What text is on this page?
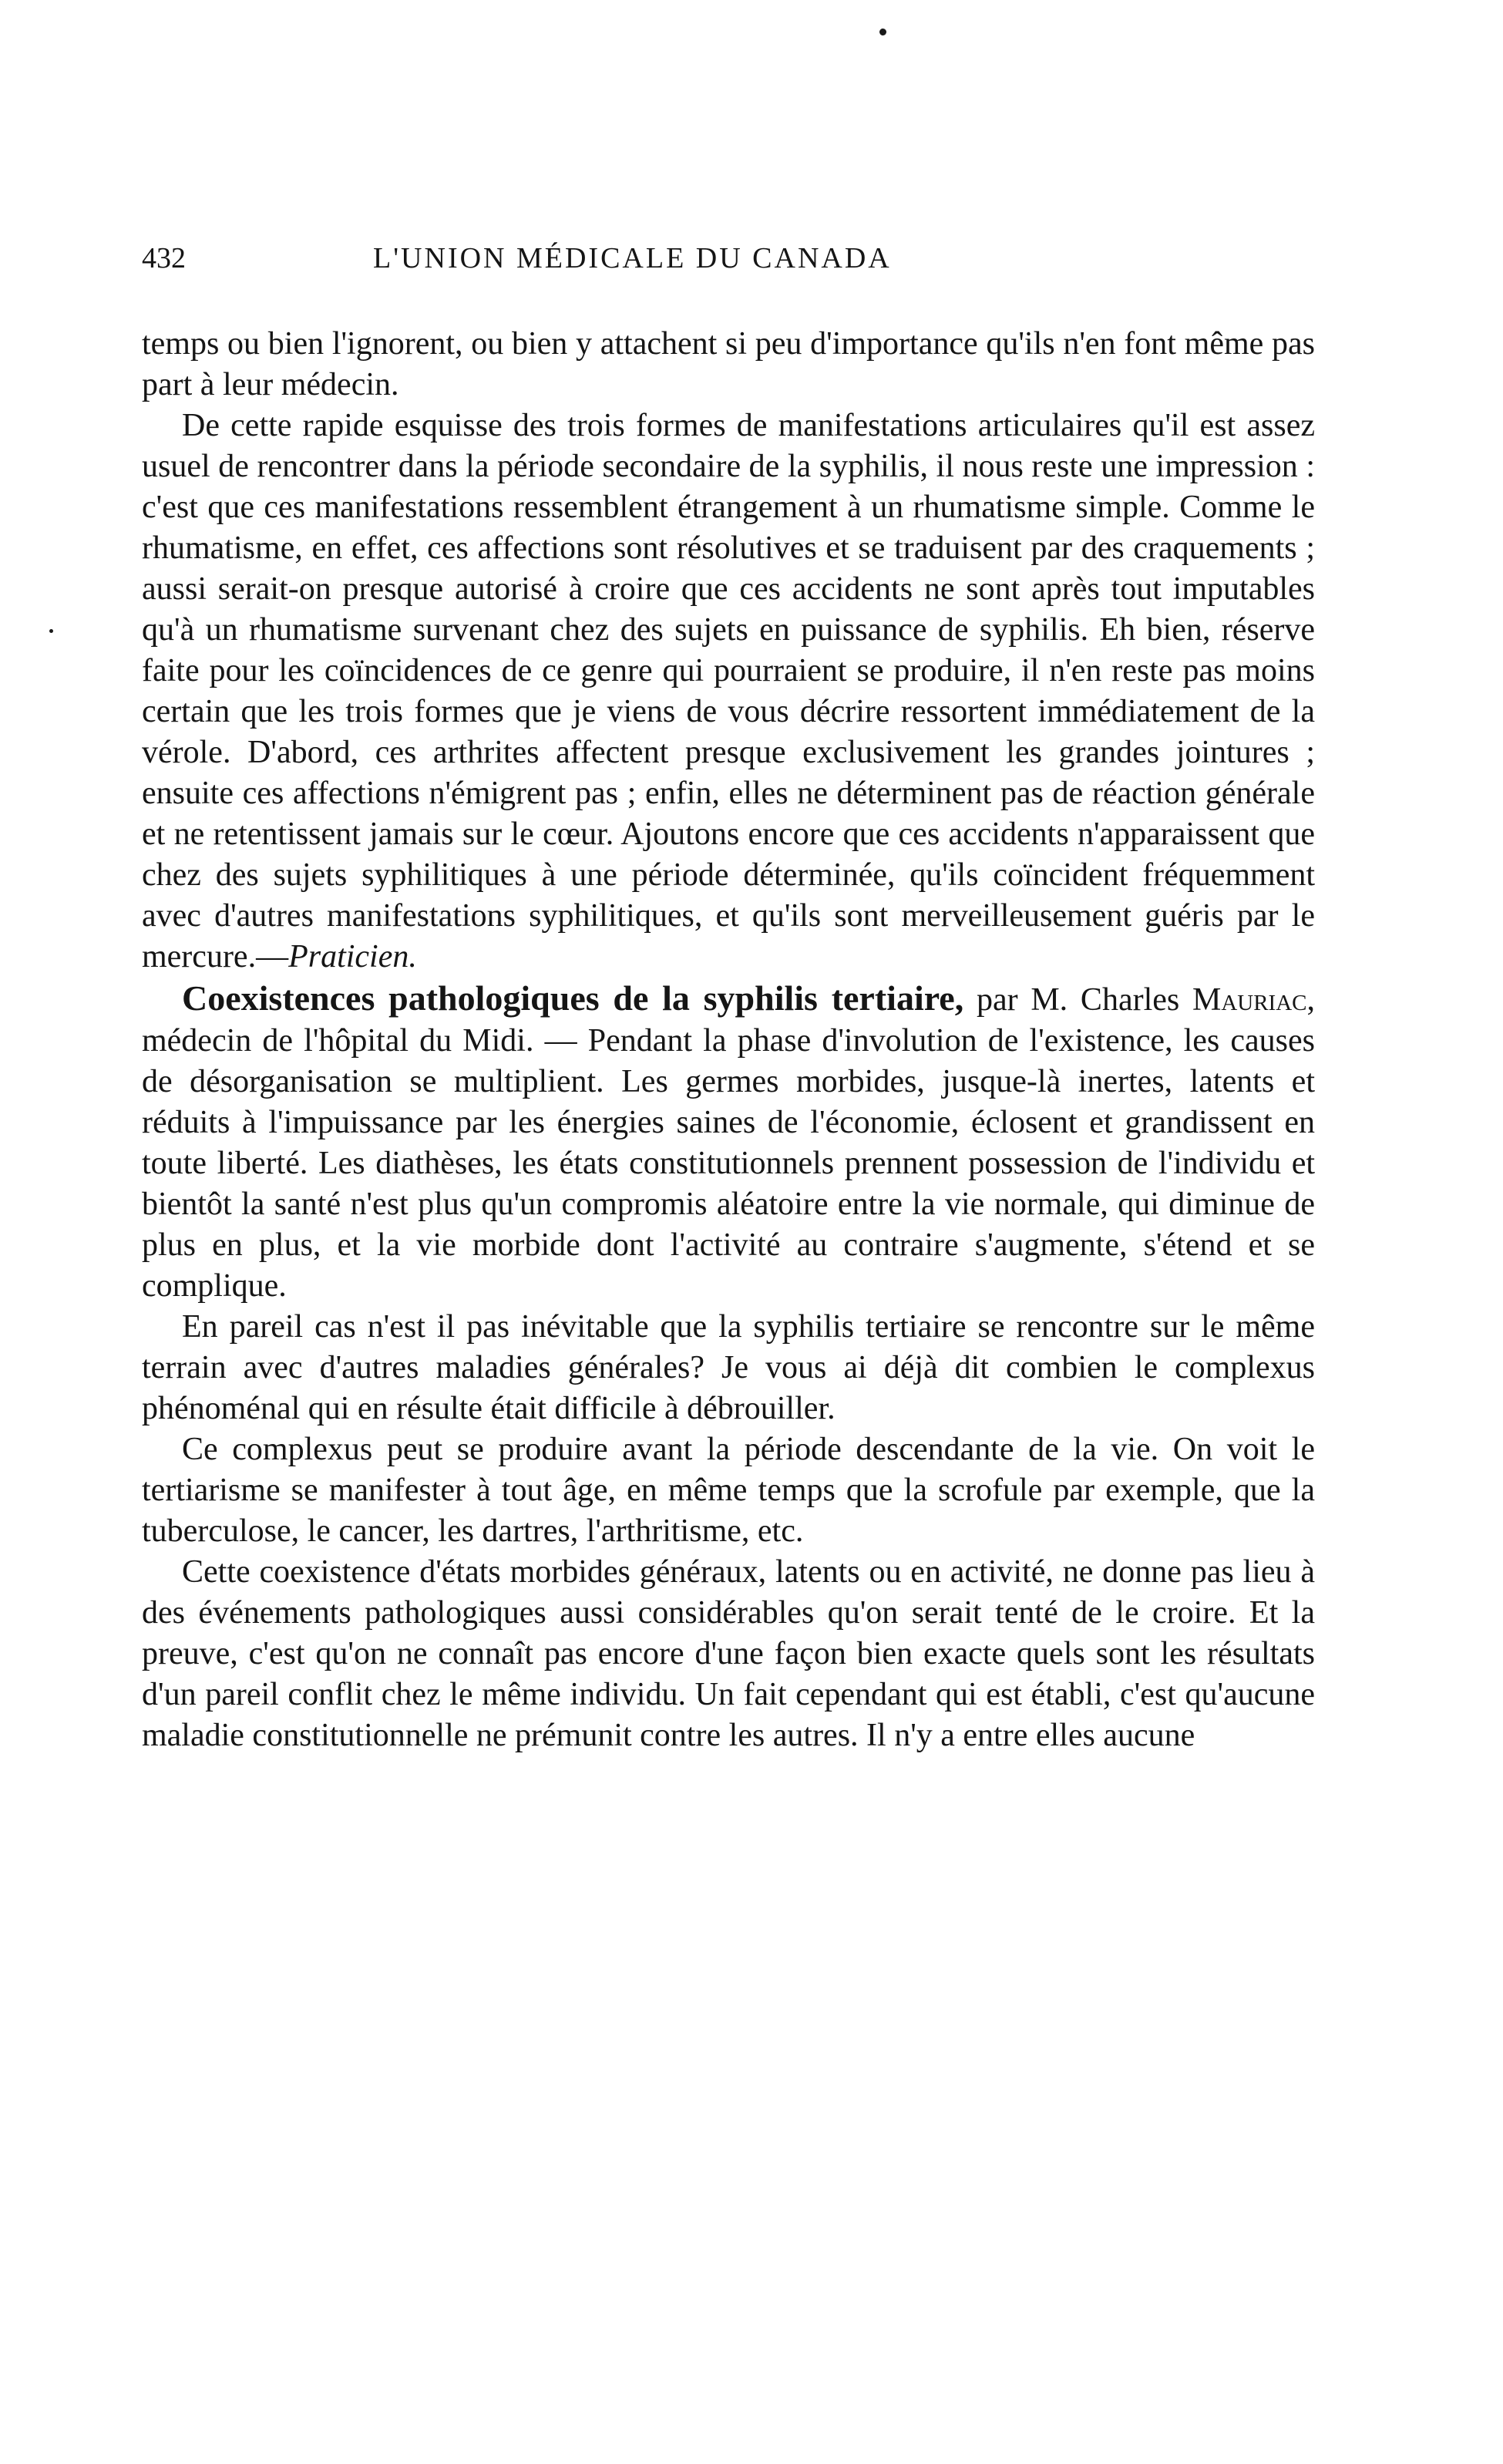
432	L'UNION MÉDICALE DU CANADA

temps ou bien l'ignorent, ou bien y attachent si peu d'importance qu'ils n'en font même pas part à leur médecin.

De cette rapide esquisse des trois formes de manifestations articulaires qu'il est assez usuel de rencontrer dans la période secondaire de la syphilis, il nous reste une impression : c'est que ces manifestations ressemblent étrangement à un rhumatisme simple. Comme le rhumatisme, en effet, ces affections sont résolutives et se traduisent par des craquements ; aussi serait-on presque autorisé à croire que ces accidents ne sont après tout imputables qu'à un rhumatisme survenant chez des sujets en puissance de syphilis. Eh bien, réserve faite pour les coïncidences de ce genre qui pourraient se produire, il n'en reste pas moins certain que les trois formes que je viens de vous décrire ressortent immédiatement de la vérole. D'abord, ces arthrites affectent presque exclusivement les grandes jointures ; ensuite ces affections n'émigrent pas ; enfin, elles ne déterminent pas de réaction générale et ne retentissent jamais sur le cœur. Ajoutons encore que ces accidents n'apparaissent que chez des sujets syphilitiques à une période déterminée, qu'ils coïncident fréquemment avec d'autres manifestations syphilitiques, et qu'ils sont merveilleusement guéris par le mercure.—Praticien.

Coexistences pathologiques de la syphilis tertiaire, par M. Charles Mauriac, médecin de l'hôpital du Midi. — Pendant la phase d'involution de l'existence, les causes de désorganisation se multiplient. Les germes morbides, jusque-là inertes, latents et réduits à l'impuissance par les énergies saines de l'économie, éclosent et grandissent en toute liberté. Les diathèses, les états constitutionnels prennent possession de l'individu et bientôt la santé n'est plus qu'un compromis aléatoire entre la vie normale, qui diminue de plus en plus, et la vie morbide dont l'activité au contraire s'augmente, s'étend et se complique.

En pareil cas n'est il pas inévitable que la syphilis tertiaire se rencontre sur le même terrain avec d'autres maladies générales? Je vous ai déjà dit combien le complexus phénoménal qui en résulte était difficile à débrouiller.

Ce complexus peut se produire avant la période descendante de la vie. On voit le tertiarisme se manifester à tout âge, en même temps que la scrofule par exemple, que la tuberculose, le cancer, les dartres, l'arthritisme, etc.

Cette coexistence d'états morbides généraux, latents ou en activité, ne donne pas lieu à des événements pathologiques aussi considérables qu'on serait tenté de le croire. Et la preuve, c'est qu'on ne connaît pas encore d'une façon bien exacte quels sont les résultats d'un pareil conflit chez le même individu. Un fait cependant qui est établi, c'est qu'aucune maladie constitutionnelle ne prémunit contre les autres. Il n'y a entre elles aucune
